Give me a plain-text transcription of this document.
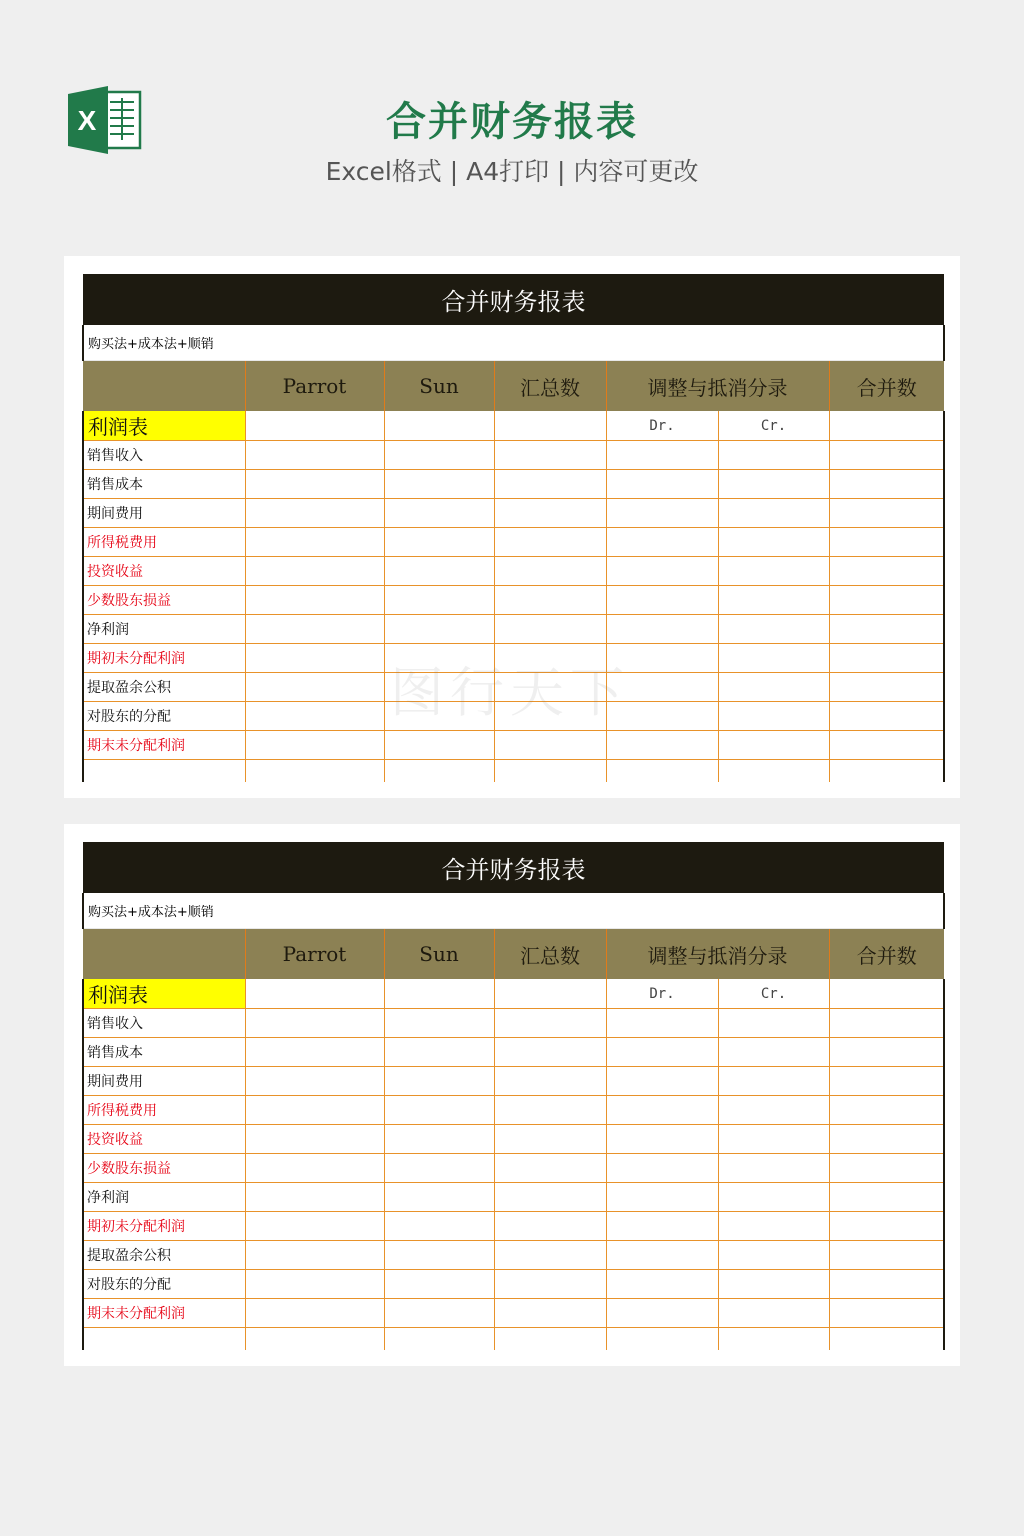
X	合并财务报表
Excel格式 | A4打印 | 内容可更改
合并财务报表						
购买法+成本法+顺销						
	Parrot	Sun	汇总数	调整与抵消分录		合并数
利润表				Dr.	Cr.	
销售收入						
销售成本						
期间费用						
所得税费用						
投资收益						
少数股东损益						
净利润						
期初未分配利润						
提取盈余公积						
对股东的分配						
期末未分配利润						

合并财务报表						
购买法+成本法+顺销						
	Parrot	Sun	汇总数	调整与抵消分录		合并数
利润表				Dr.	Cr.	
销售收入						
销售成本						
期间费用						
所得税费用						
投资收益						
少数股东损益						
净利润						
期初未分配利润						
提取盈余公积						
对股东的分配						
期末未分配利润						
